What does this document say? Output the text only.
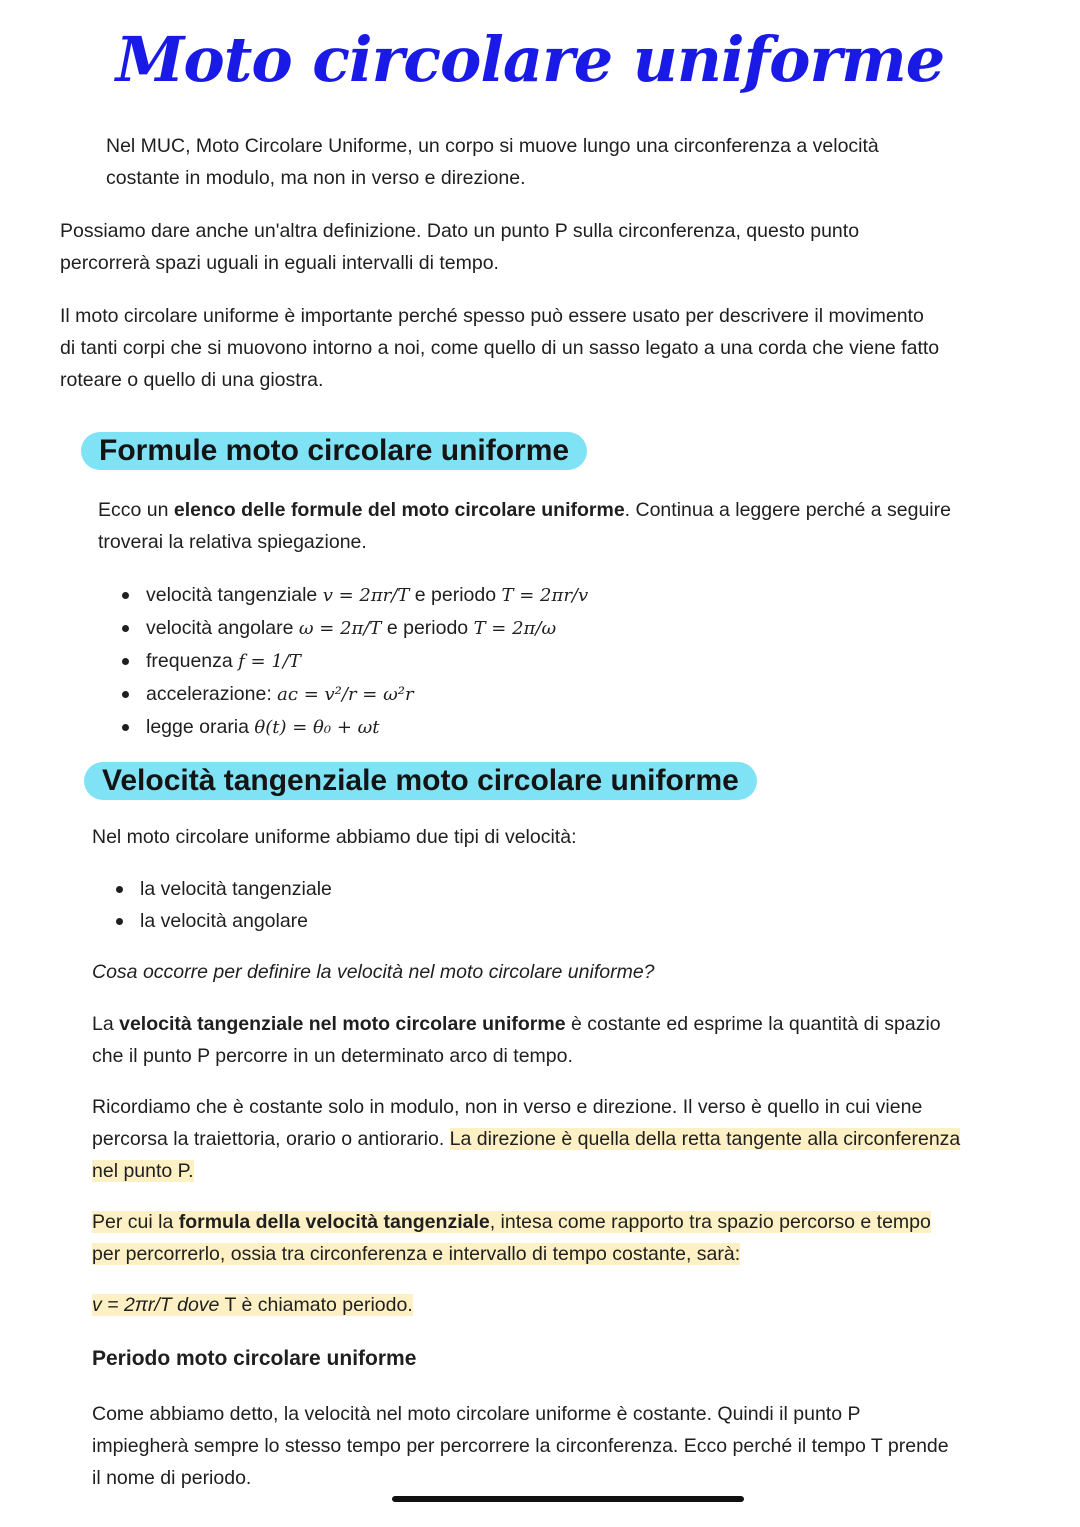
Moto circolare uniforme

Nel MUC, Moto Circolare Uniforme, un corpo si muove lungo una circonferenza a velocità costante in modulo, ma non in verso e direzione.

Possiamo dare anche un'altra definizione. Dato un punto P sulla circonferenza, questo punto percorrerà spazi uguali in eguali intervalli di tempo.

Il moto circolare uniforme è importante perché spesso può essere usato per descrivere il movimento di tanti corpi che si muovono intorno a noi, come quello di un sasso legato a una corda che viene fatto roteare o quello di una giostra.

Formule moto circolare uniforme

Ecco un elenco delle formule del moto circolare uniforme. Continua a leggere perché a seguire troverai la relativa spiegazione.

velocità tangenziale v = 2πr/T e periodo T = 2πr/v
velocità angolare ω = 2π/T e periodo T = 2π/ω
frequenza f = 1/T
accelerazione: aᴄ = v²/r = ω²r
legge oraria θ(t) = θ₀ + ωt
Velocità tangenziale moto circolare uniforme

Nel moto circolare uniforme abbiamo due tipi di velocità:

la velocità tangenziale
la velocità angolare

Cosa occorre per definire la velocità nel moto circolare uniforme?

La velocità tangenziale nel moto circolare uniforme è costante ed esprime la quantità di spazio che il punto P percorre in un determinato arco di tempo.

Ricordiamo che è costante solo in modulo, non in verso e direzione. Il verso è quello in cui viene percorsa la traiettoria, orario o antiorario. La direzione è quella della retta tangente alla circonferenza nel punto P.

Per cui la formula della velocità tangenziale, intesa come rapporto tra spazio percorso e tempo per percorrerlo, ossia tra circonferenza e intervallo di tempo costante, sarà:

v = 2πr/T dove T è chiamato periodo.

Periodo moto circolare uniforme

Come abbiamo detto, la velocità nel moto circolare uniforme è costante. Quindi il punto P impiegherà sempre lo stesso tempo per percorrere la circonferenza. Ecco perché il tempo T prende il nome di periodo.
